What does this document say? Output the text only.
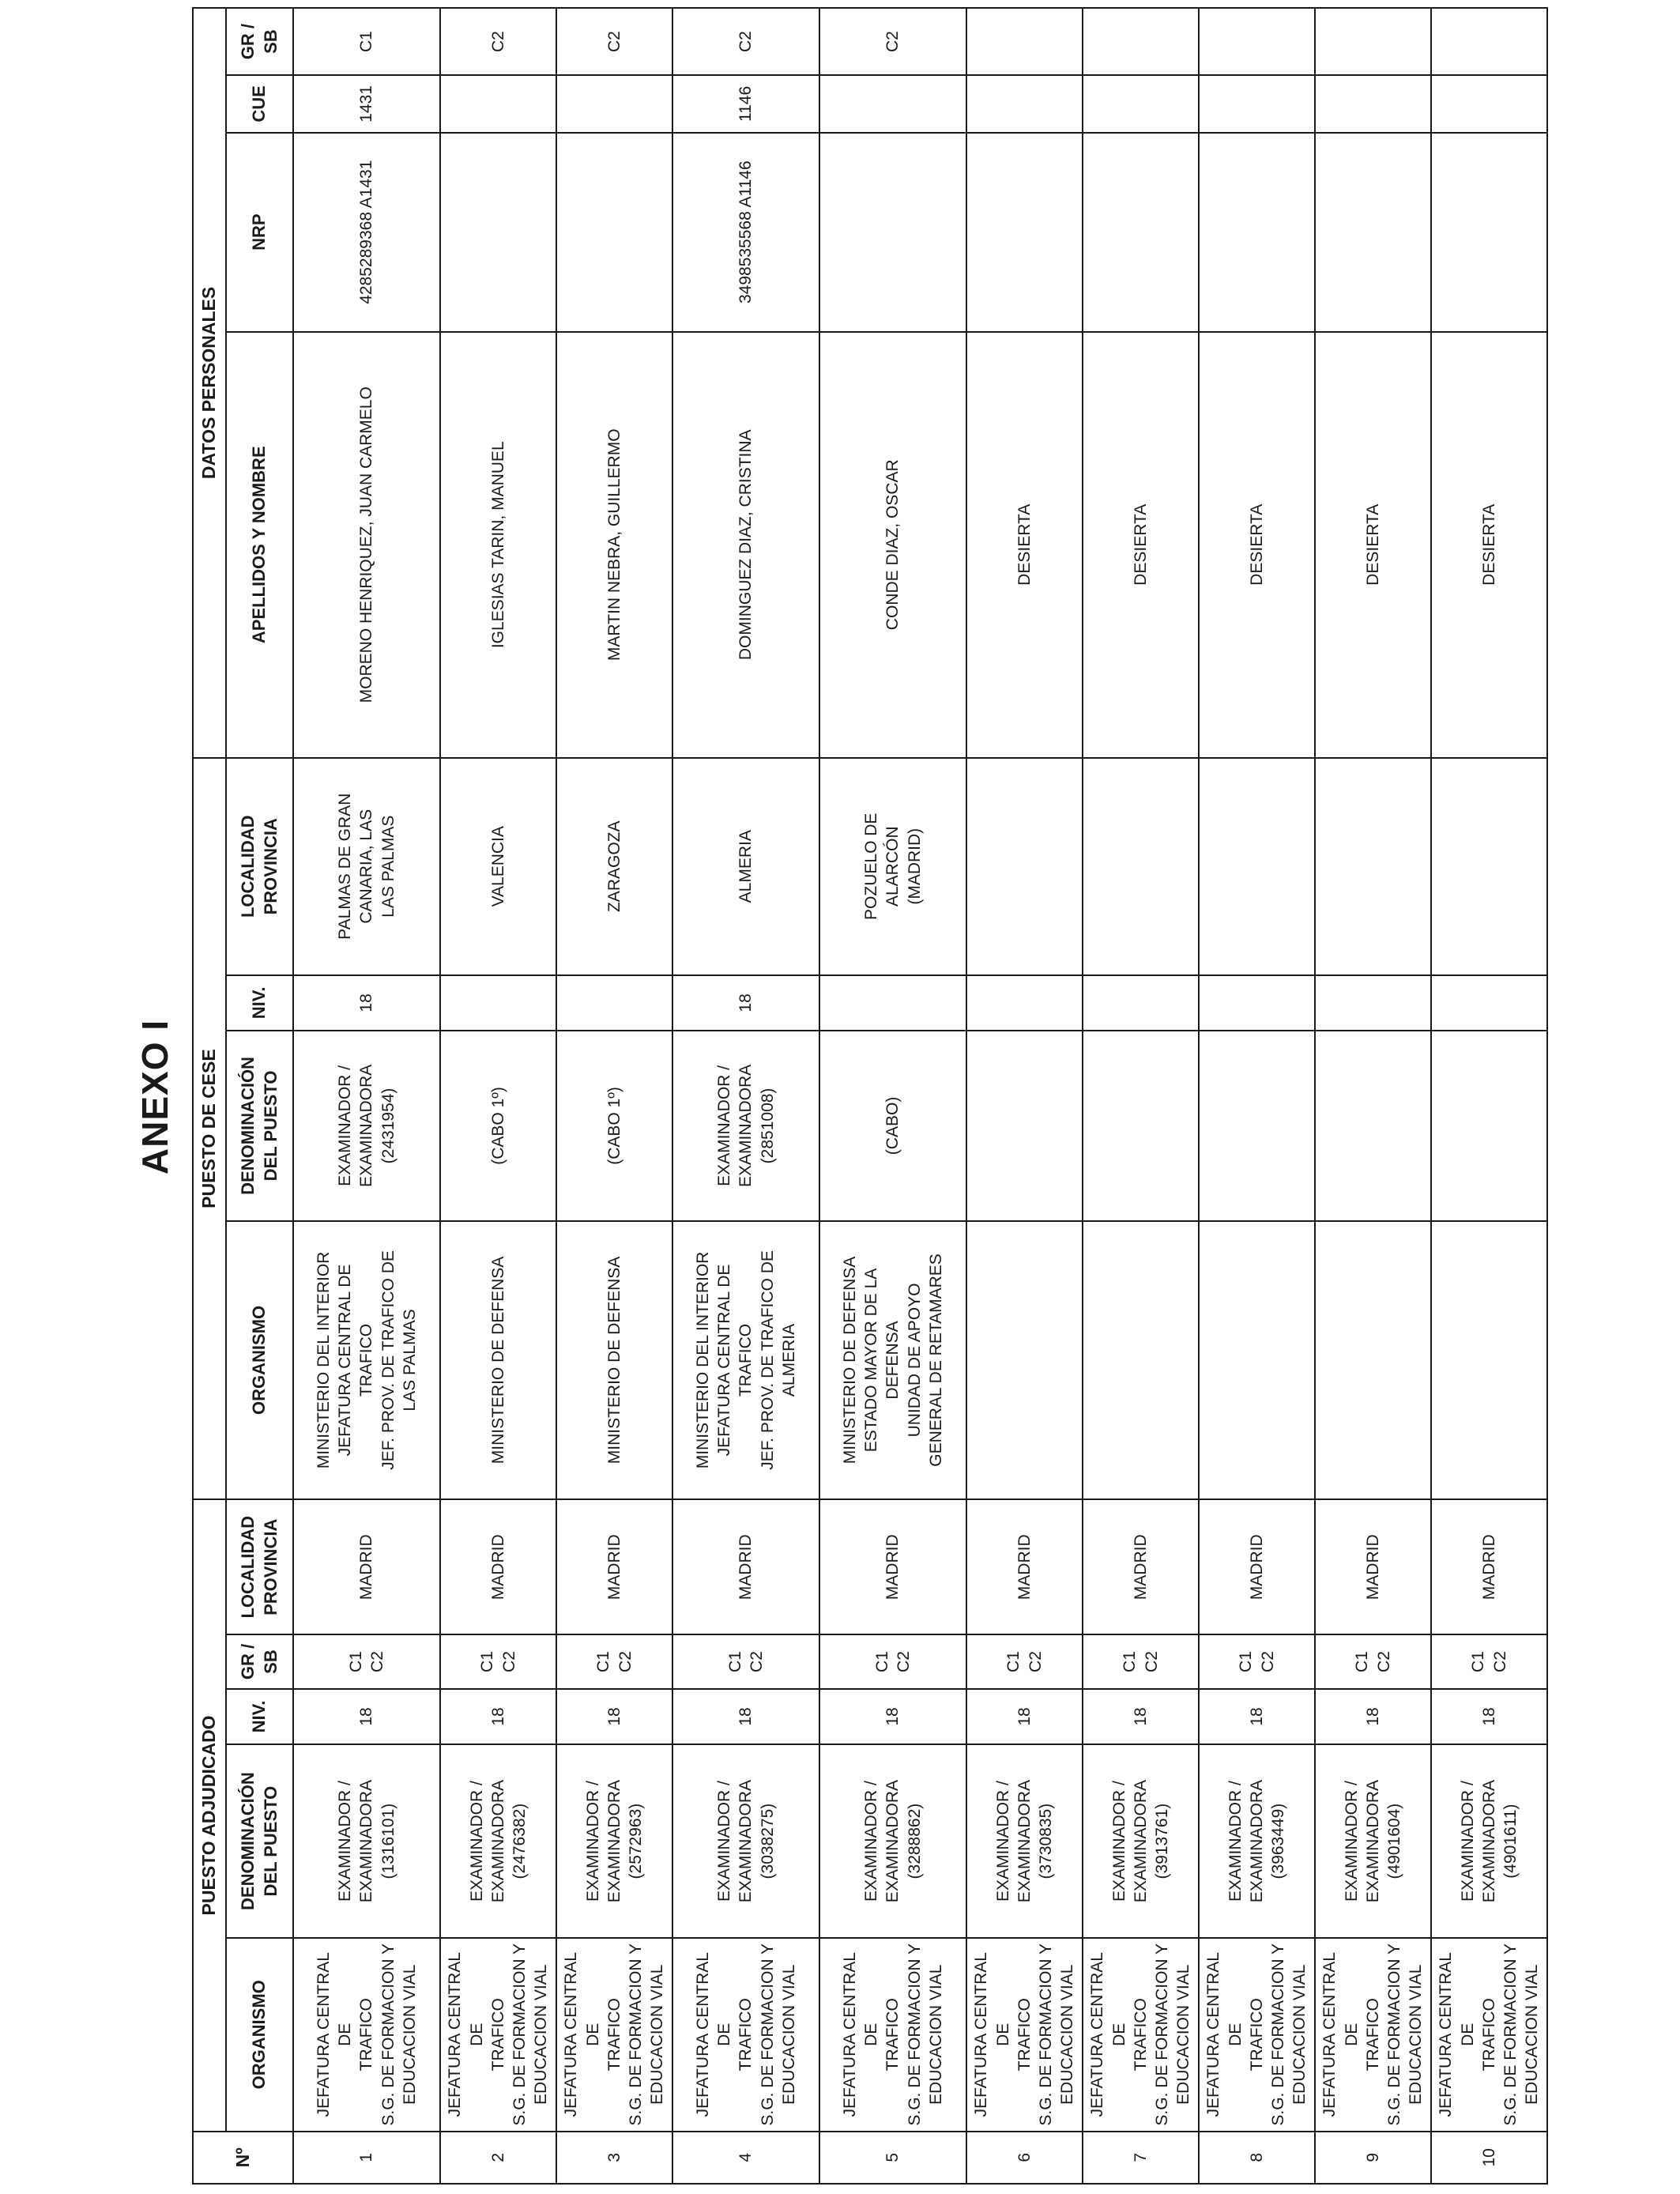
ANEXO I
Nº	PUESTO ADJUDICADO					PUESTO DE CESE				DATOS PERSONALES			
	ORGANISMO	DENOMINACIÓN
DEL PUESTO	NIV.	GR /
SB	LOCALIDAD
PROVINCIA	ORGANISMO	DENOMINACIÓN
DEL PUESTO	NIV.	LOCALIDAD
PROVINCIA	APELLIDOS Y NOMBRE	NRP	CUE	GR /
SB
1	JEFATURA CENTRAL DE
TRAFICO
S.G. DE FORMACION Y
EDUCACION VIAL	EXAMINADOR /
EXAMINADORA
(1316101)	18	C1
C2	MADRID	MINISTERIO DEL INTERIOR
JEFATURA CENTRAL DE
TRAFICO
JEF. PROV. DE TRAFICO DE
LAS PALMAS	EXAMINADOR /
EXAMINADORA
(2431954)	18	PALMAS DE GRAN
CANARIA, LAS
LAS PALMAS	MORENO HENRIQUEZ, JUAN CARMELO	4285289368 A1431	1431	C1
2	JEFATURA CENTRAL DE
TRAFICO
S.G. DE FORMACION Y
EDUCACION VIAL	EXAMINADOR /
EXAMINADORA
(2476382)	18	C1
C2	MADRID	MINISTERIO DE DEFENSA	(CABO 1º)		VALENCIA	IGLESIAS TARIN, MANUEL			C2
3	JEFATURA CENTRAL DE
TRAFICO
S.G. DE FORMACION Y
EDUCACION VIAL	EXAMINADOR /
EXAMINADORA
(2572963)	18	C1
C2	MADRID	MINISTERIO DE DEFENSA	(CABO 1º)		ZARAGOZA	MARTIN NEBRA, GUILLERMO			C2
4	JEFATURA CENTRAL DE
TRAFICO
S.G. DE FORMACION Y
EDUCACION VIAL	EXAMINADOR /
EXAMINADORA
(3038275)	18	C1
C2	MADRID	MINISTERIO DEL INTERIOR
JEFATURA CENTRAL DE
TRAFICO
JEF. PROV. DE TRAFICO DE
ALMERIA	EXAMINADOR /
EXAMINADORA
(2851008)	18	ALMERIA	DOMINGUEZ DIAZ, CRISTINA	3498535568 A1146	1146	C2
5	JEFATURA CENTRAL DE
TRAFICO
S.G. DE FORMACION Y
EDUCACION VIAL	EXAMINADOR /
EXAMINADORA
(3288862)	18	C1
C2	MADRID	MINISTERIO DE DEFENSA
ESTADO MAYOR DE LA
DEFENSA
UNIDAD DE APOYO
GENERAL DE RETAMARES	(CABO)		POZUELO DE
ALARCÓN
(MADRID)	CONDE DIAZ, OSCAR			C2
6	JEFATURA CENTRAL DE
TRAFICO
S.G. DE FORMACION Y
EDUCACION VIAL	EXAMINADOR /
EXAMINADORA
(3730835)	18	C1
C2	MADRID					DESIERTA			
7	JEFATURA CENTRAL DE
TRAFICO
S.G. DE FORMACION Y
EDUCACION VIAL	EXAMINADOR /
EXAMINADORA
(3913761)	18	C1
C2	MADRID					DESIERTA			
8	JEFATURA CENTRAL DE
TRAFICO
S.G. DE FORMACION Y
EDUCACION VIAL	EXAMINADOR /
EXAMINADORA
(3963449)	18	C1
C2	MADRID					DESIERTA			
9	JEFATURA CENTRAL DE
TRAFICO
S.G. DE FORMACION Y
EDUCACION VIAL	EXAMINADOR /
EXAMINADORA
(4901604)	18	C1
C2	MADRID					DESIERTA			
10	JEFATURA CENTRAL DE
TRAFICO
S.G. DE FORMACION Y
EDUCACION VIAL	EXAMINADOR /
EXAMINADORA
(4901611)	18	C1
C2	MADRID					DESIERTA			
